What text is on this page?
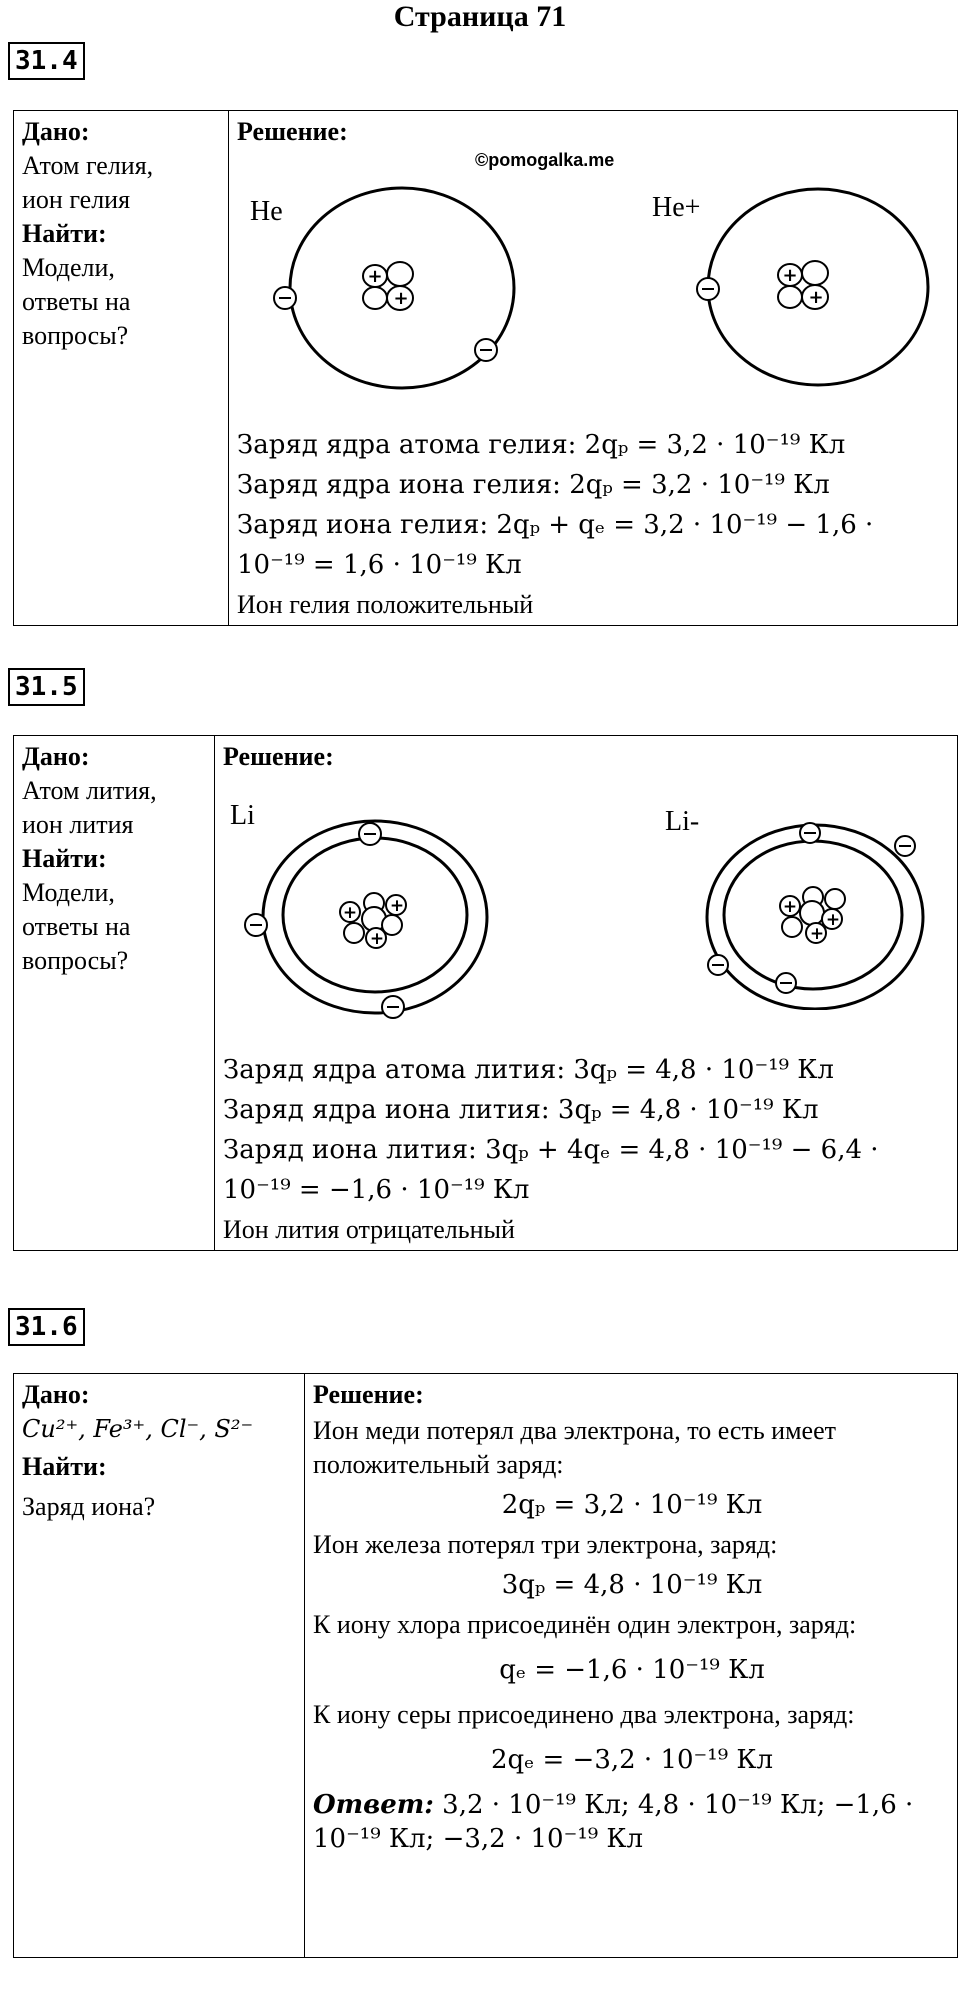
Страница 71
31.4
Дано:
Атом гелия,
ион гелия
Найти:
Модели,
ответы на
вопросы?

Решение:
Заряд ядра атома гелия: 2qₚ = 3,2 · 10⁻¹⁹ Кл
Заряд ядра иона гелия: 2qₚ = 3,2 · 10⁻¹⁹ Кл
Заряд иона гелия: 2qₚ + qₑ = 3,2 · 10⁻¹⁹ − 1,6 ·
10⁻¹⁹ = 1,6 · 10⁻¹⁹ Кл
Ион гелия положительный
©pomogalka.me
He	He+
+
+
+
+
31.5
Дано:
Атом лития,
ион лития
Найти:
Модели,
ответы на
вопросы?

Решение:
Заряд ядра атома лития: 3qₚ = 4,8 · 10⁻¹⁹ Кл
Заряд ядра иона лития: 3qₚ = 4,8 · 10⁻¹⁹ Кл
Заряд иона лития: 3qₚ + 4qₑ = 4,8 · 10⁻¹⁹ − 6,4 ·
10⁻¹⁹ = −1,6 · 10⁻¹⁹ Кл
Ион лития отрицательный
Li	Li-
+
+
+
+
+
+
31.6
Дано:
Cu²⁺, Fe³⁺, Cl⁻, S²⁻
Найти:
Заряд иона?

Решение:
Ион меди потерял два электрона, то есть имеет положительный заряд:
2qₚ = 3,2 · 10⁻¹⁹ Кл
Ион железа потерял три электрона, заряд:
3qₚ = 4,8 · 10⁻¹⁹ Кл
К иону хлора присоединён один электрон, заряд:
qₑ = −1,6 · 10⁻¹⁹ Кл
К иону серы присоединено два электрона, заряд:
2qₑ = −3,2 · 10⁻¹⁹ Кл
Ответ: 3,2 · 10⁻¹⁹ Кл; 4,8 · 10⁻¹⁹ Кл; −1,6 · 10⁻¹⁹ Кл; −3,2 · 10⁻¹⁹ Кл
